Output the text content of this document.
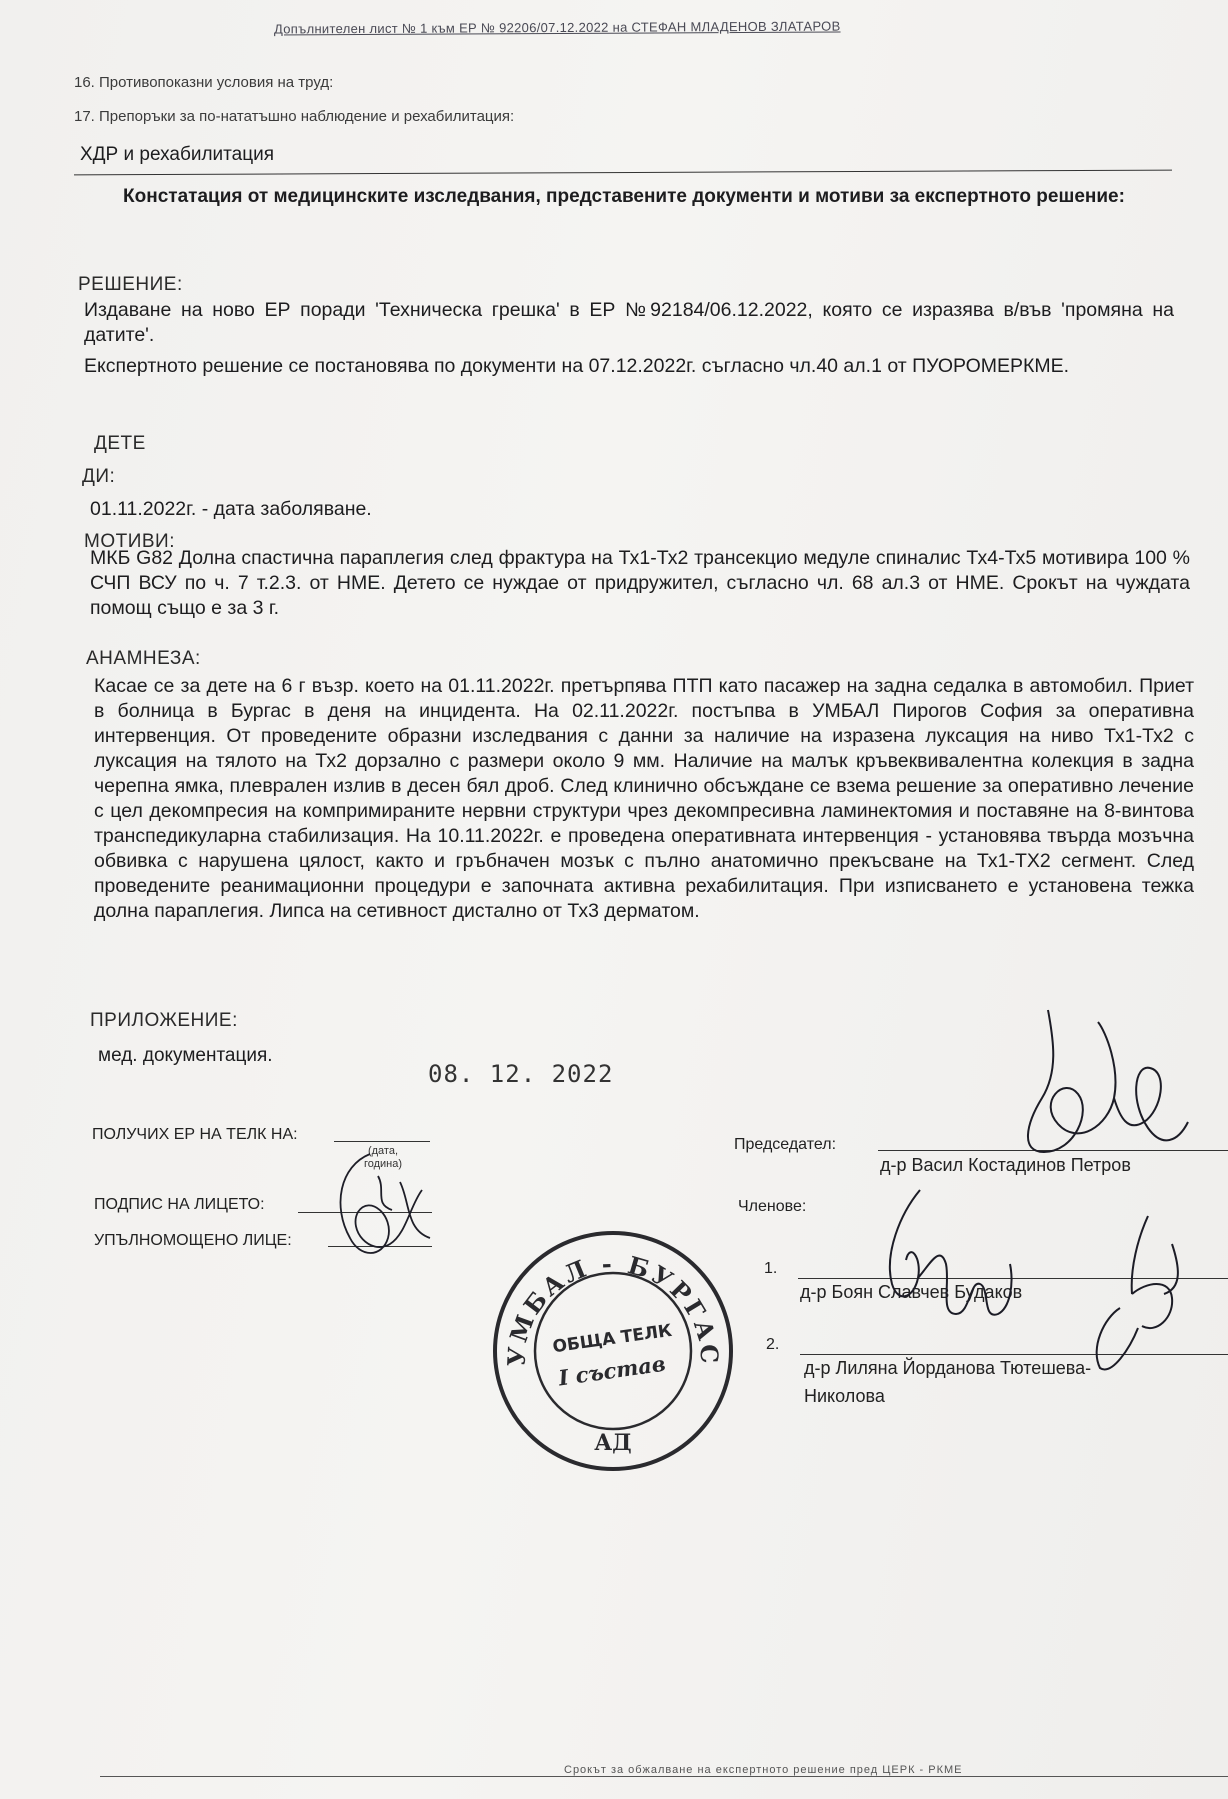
Допълнителен лист № 1 към ЕР № 92206/07.12.2022 на СТЕФАН МЛАДЕНОВ ЗЛАТАРОВ
16. Противопоказни условия на труд:
17. Препоръки за по-нататъшно наблюдение и рехабилитация:
ХДР и рехабилитация
Констатация от медицинските изследвания, представените документи и мотиви за експертното решение:
РЕШЕНИЕ:
Издаване на ново ЕР поради 'Техническа грешка' в ЕР №92184/06.12.2022, която се изразява в/във 'промяна на датите'.
Експертното решение се постановява по документи на 07.12.2022г. съгласно чл.40 ал.1 от ПУОРОМЕРКМЕ.
ДЕТЕ
ДИ:
01.11.2022г. - дата заболяване.
МОТИВИ:
МКБ G82 Долна спастична параплегия след фрактура на Тх1-Тх2 трансекцио медуле спиналис Тх4-Тх5 мотивира 100 % СЧП ВСУ по ч. 7 т.2.3. от НМЕ. Детето се нуждае от придружител, съгласно чл. 68 ал.3 от НМЕ. Срокът на чуждата помощ също е за 3 г.
АНАМНЕЗА:
Касае се за дете на 6 г възр. което на 01.11.2022г. претърпява ПТП като пасажер на задна седалка в автомобил. Приет в болница в Бургас в деня на инцидента. На 02.11.2022г. постъпва в УМБАЛ Пирогов София за оперативна интервенция. От проведените образни изследвания с данни за наличие на изразена луксация на ниво Тх1-Тх2 с луксация на тялото на Тх2 дорзално с размери около 9 мм. Наличие на малък кръвеквивалентна колекция в задна черепна ямка, плеврален излив в десен бял дроб. След клинично обсъждане се взема решение за оперативно лечение с цел декомпресия на компримираните нервни структури чрез декомпресивна ламинектомия и поставяне на 8-винтова транспедикуларна стабилизация. На 10.11.2022г. е проведена оперативната интервенция - установява твърда мозъчна обвивка с нарушена цялост, както и гръбначен мозък с пълно анатомично прекъсване на Тх1-ТХ2 сегмент. След проведените реанимационни процедури е започната активна рехабилитация. При изписването е установена тежка долна параплегия. Липса на сетивност дистално от Тх3 дерматом.
ПРИЛОЖЕНИЕ:
мед. документация.
08. 12. 2022
ПОЛУЧИХ ЕР НА ТЕЛК НА:
(дата, година)
ПОДПИС НА ЛИЦЕТО:
УПЪЛНОМОЩЕНО ЛИЦЕ:
УМБАЛ - БУРГАС
АД
ОБЩА ТЕЛК
I състав
Председател:
д-р Васил Костадинов Петров
Членове:
1.
д-р Боян Славчев Будаков
2.
д-р Лиляна Йорданова Тютешева-
Николова
Срокът за обжалване на експертното решение пред ЦЕРК - РКМЕ
